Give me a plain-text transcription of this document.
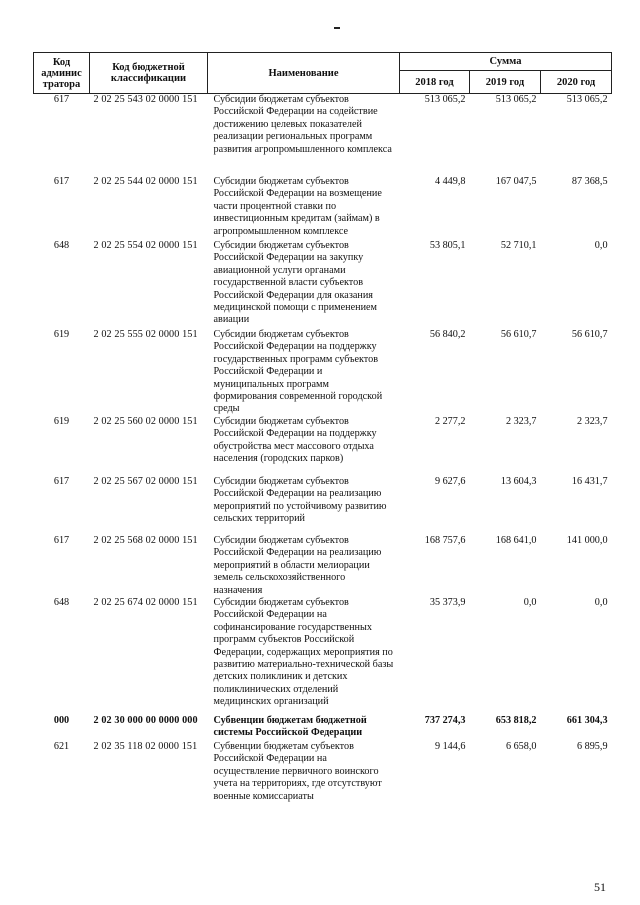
Код
админис
тратора	Код бюджетной
классификации	Наименование	Сумма		
			2018 год	2019 год	2020 год
617	2 02 25 543 02 0000 151	Субсидии бюджетам субъектов Российской Федерации на содействие достижению целевых показателей реализации региональных программ развития агропромышленного комплекса	513 065,2	513 065,2	513 065,2
617	2 02 25 544 02 0000 151	Субсидии бюджетам субъектов Российской Федерации на возмещение части процентной ставки по инвестиционным кредитам (займам) в агропромышленном комплексе	4 449,8	167 047,5	87 368,5
648	2 02 25 554 02 0000 151	Субсидии бюджетам субъектов Российской Федерации на закупку авиационной услуги органами государственной власти субъектов Российской Федерации для оказания медицинской помощи с применением авиации	53 805,1	52 710,1	0,0
619	2 02 25 555 02 0000 151	Субсидии бюджетам субъектов Российской Федерации на поддержку государственных программ субъектов Российской Федерации и муниципальных программ формирования современной городской среды	56 840,2	56 610,7	56 610,7
619	2 02 25 560 02 0000 151	Субсидии бюджетам субъектов Российской Федерации на поддержку обустройства мест массового отдыха населения (городских парков)	2 277,2	2 323,7	2 323,7
617	2 02 25 567 02 0000 151	Субсидии бюджетам субъектов Российской Федерации на реализацию мероприятий по устойчивому развитию сельских территорий	9 627,6	13 604,3	16 431,7
617	2 02 25 568 02 0000 151	Субсидии бюджетам субъектов Российской Федерации на реализацию мероприятий в области мелиорации земель сельскохозяйственного назначения	168 757,6	168 641,0	141 000,0
648	2 02 25 674 02 0000 151	Субсидии бюджетам субъектов Российской Федерации на софинансирование государственных программ субъектов Российской Федерации, содержащих мероприятия по развитию материально-технической базы детских поликлиник и детских поликлинических отделений медицинских организаций	35 373,9	0,0	0,0
000	2 02 30 000 00 0000 000	Субвенции бюджетам бюджетной системы Российской Федерации	737 274,3	653 818,2	661 304,3
621	2 02 35 118 02 0000 151	Субвенции бюджетам субъектов Российской Федерации на осуществление первичного воинского учета на территориях, где отсутствуют военные комиссариаты	9 144,6	6 658,0	6 895,9
51
